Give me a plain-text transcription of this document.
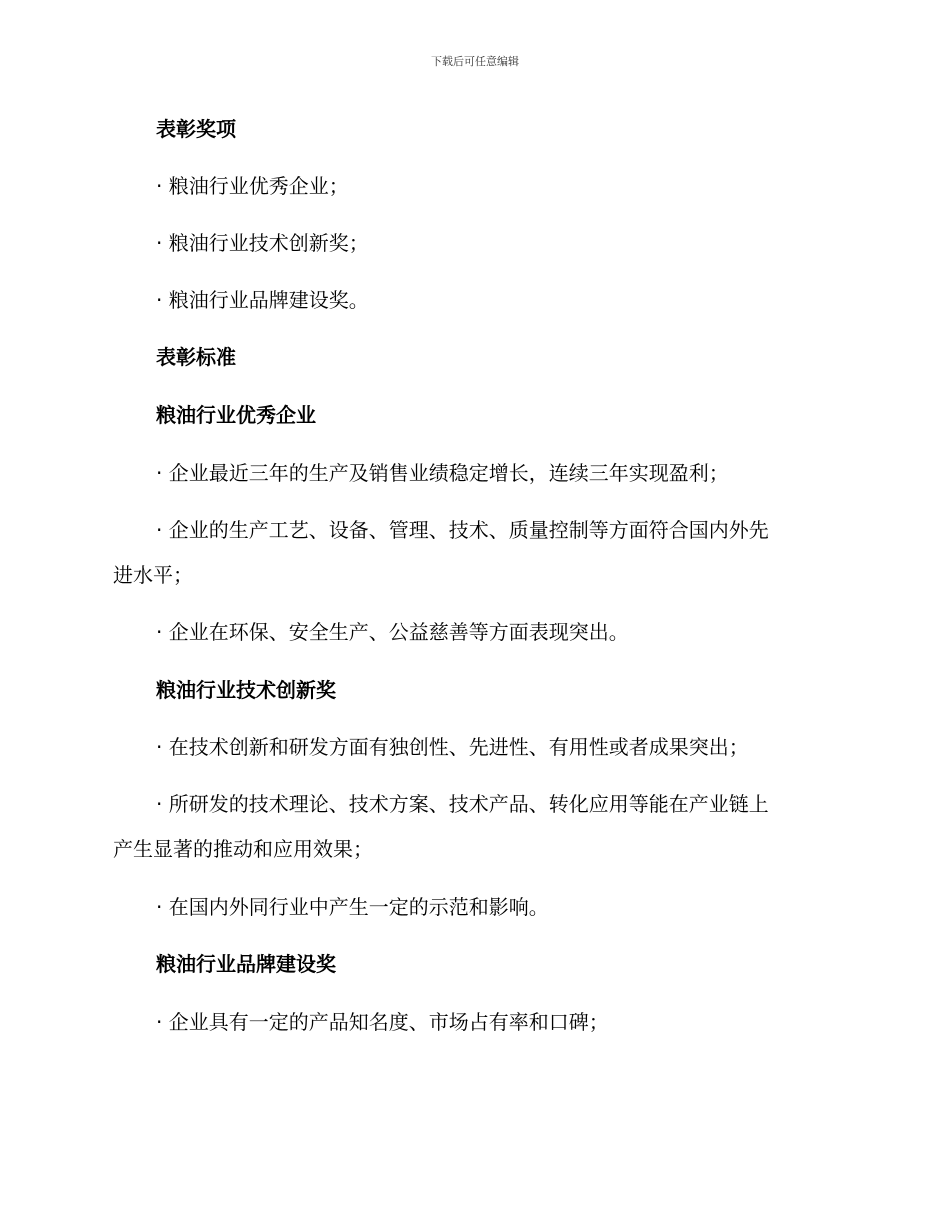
下载后可任意编辑
表彰奖项
· 粮油行业优秀企业；
· 粮油行业技术创新奖；
· 粮油行业品牌建设奖。
表彰标准
粮油行业优秀企业
· 企业最近三年的生产及销售业绩稳定增长，连续三年实现盈利；
· 企业的生产工艺、设备、管理、技术、质量控制等方面符合国内外先
进水平；
· 企业在环保、安全生产、公益慈善等方面表现突出。
粮油行业技术创新奖
· 在技术创新和研发方面有独创性、先进性、有用性或者成果突出；
· 所研发的技术理论、技术方案、技术产品、转化应用等能在产业链上
产生显著的推动和应用效果；
· 在国内外同行业中产生一定的示范和影响。
粮油行业品牌建设奖
· 企业具有一定的产品知名度、市场占有率和口碑；
